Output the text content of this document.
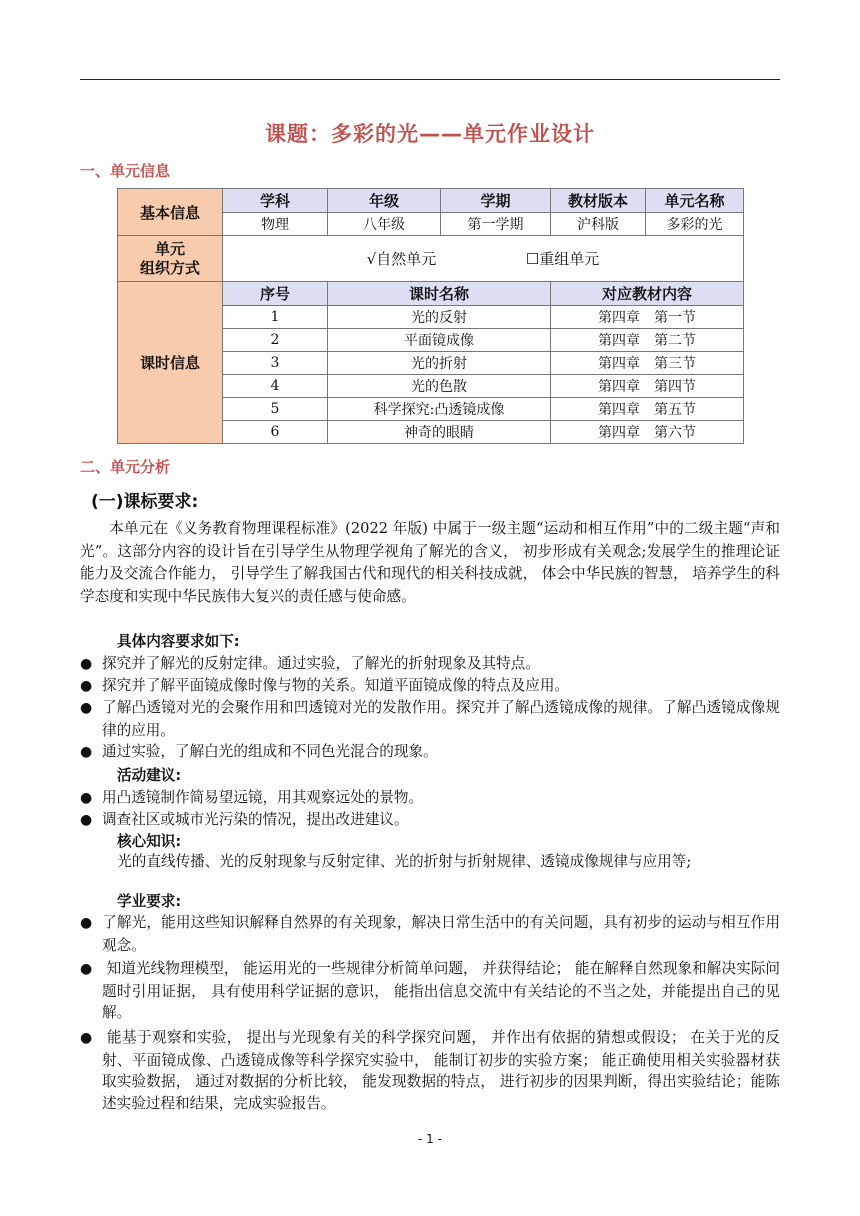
课题：多彩的光——单元作业设计
一、单元信息
基本信息	学科	年级	学期	教材版本	单元名称
	物理	八年级	第一学期	沪科版	多彩的光

单元
组织方式	√自然单元 ☐重组单元				
课时信息	序号	课时名称		对应教材内容	
	1	光的反射		第四章　第一节	
	2	平面镜成像		第四章　第二节	
	3	光的折射		第四章　第三节	
	4	光的色散		第四章　第四节	
	5	科学探究:凸透镜成像		第四章　第五节	
	6	神奇的眼睛		第四章　第六节	
二、单元分析
(一)课标要求:
本单元在《义务教育物理课程标准》(2022 年版) 中属于一级主题“运动和相互作用”中的二级主题“声和光”。这部分内容的设计旨在引导学生从物理学视角了解光的含义， 初步形成有关观念;发展学生的推理论证能力及交流合作能力， 引导学生了解我国古代和现代的相关科技成就， 体会中华民族的智慧， 培养学生的科学态度和实现中华民族伟大复兴的责任感与使命感。
具体内容要求如下:
● 探究并了解光的反射定律。通过实验，了解光的折射现象及其特点。
● 探究并了解平面镜成像时像与物的关系。知道平面镜成像的特点及应用。
● 了解凸透镜对光的会聚作用和凹透镜对光的发散作用。探究并了解凸透镜成像的规律。了解凸透镜成像规律的应用。
● 通过实验，了解白光的组成和不同色光混合的现象。
活动建议:
● 用凸透镜制作简易望远镜，用其观察远处的景物。
● 调查社区或城市光污染的情况，提出改进建议。
核心知识:
光的直线传播、光的反射现象与反射定律、光的折射与折射规律、透镜成像规律与应用等;
学业要求:
● 了解光，能用这些知识解释自然界的有关现象，解决日常生活中的有关问题，具有初步的运动与相互作用观念。
● 知道光线物理模型， 能运用光的一些规律分析简单问题， 并获得结论； 能在解释自然现象和解决实际问题时引用证据， 具有使用科学证据的意识， 能指出信息交流中有关结论的不当之处，并能提出自己的见解。
● 能基于观察和实验， 提出与光现象有关的科学探究问题， 并作出有依据的猜想或假设； 在关于光的反射、平面镜成像、凸透镜成像等科学探究实验中， 能制订初步的实验方案； 能正确使用相关实验器材获取实验数据， 通过对数据的分析比较， 能发现数据的特点， 进行初步的因果判断，得出实验结论；能陈述实验过程和结果，完成实验报告。
- 1 -
